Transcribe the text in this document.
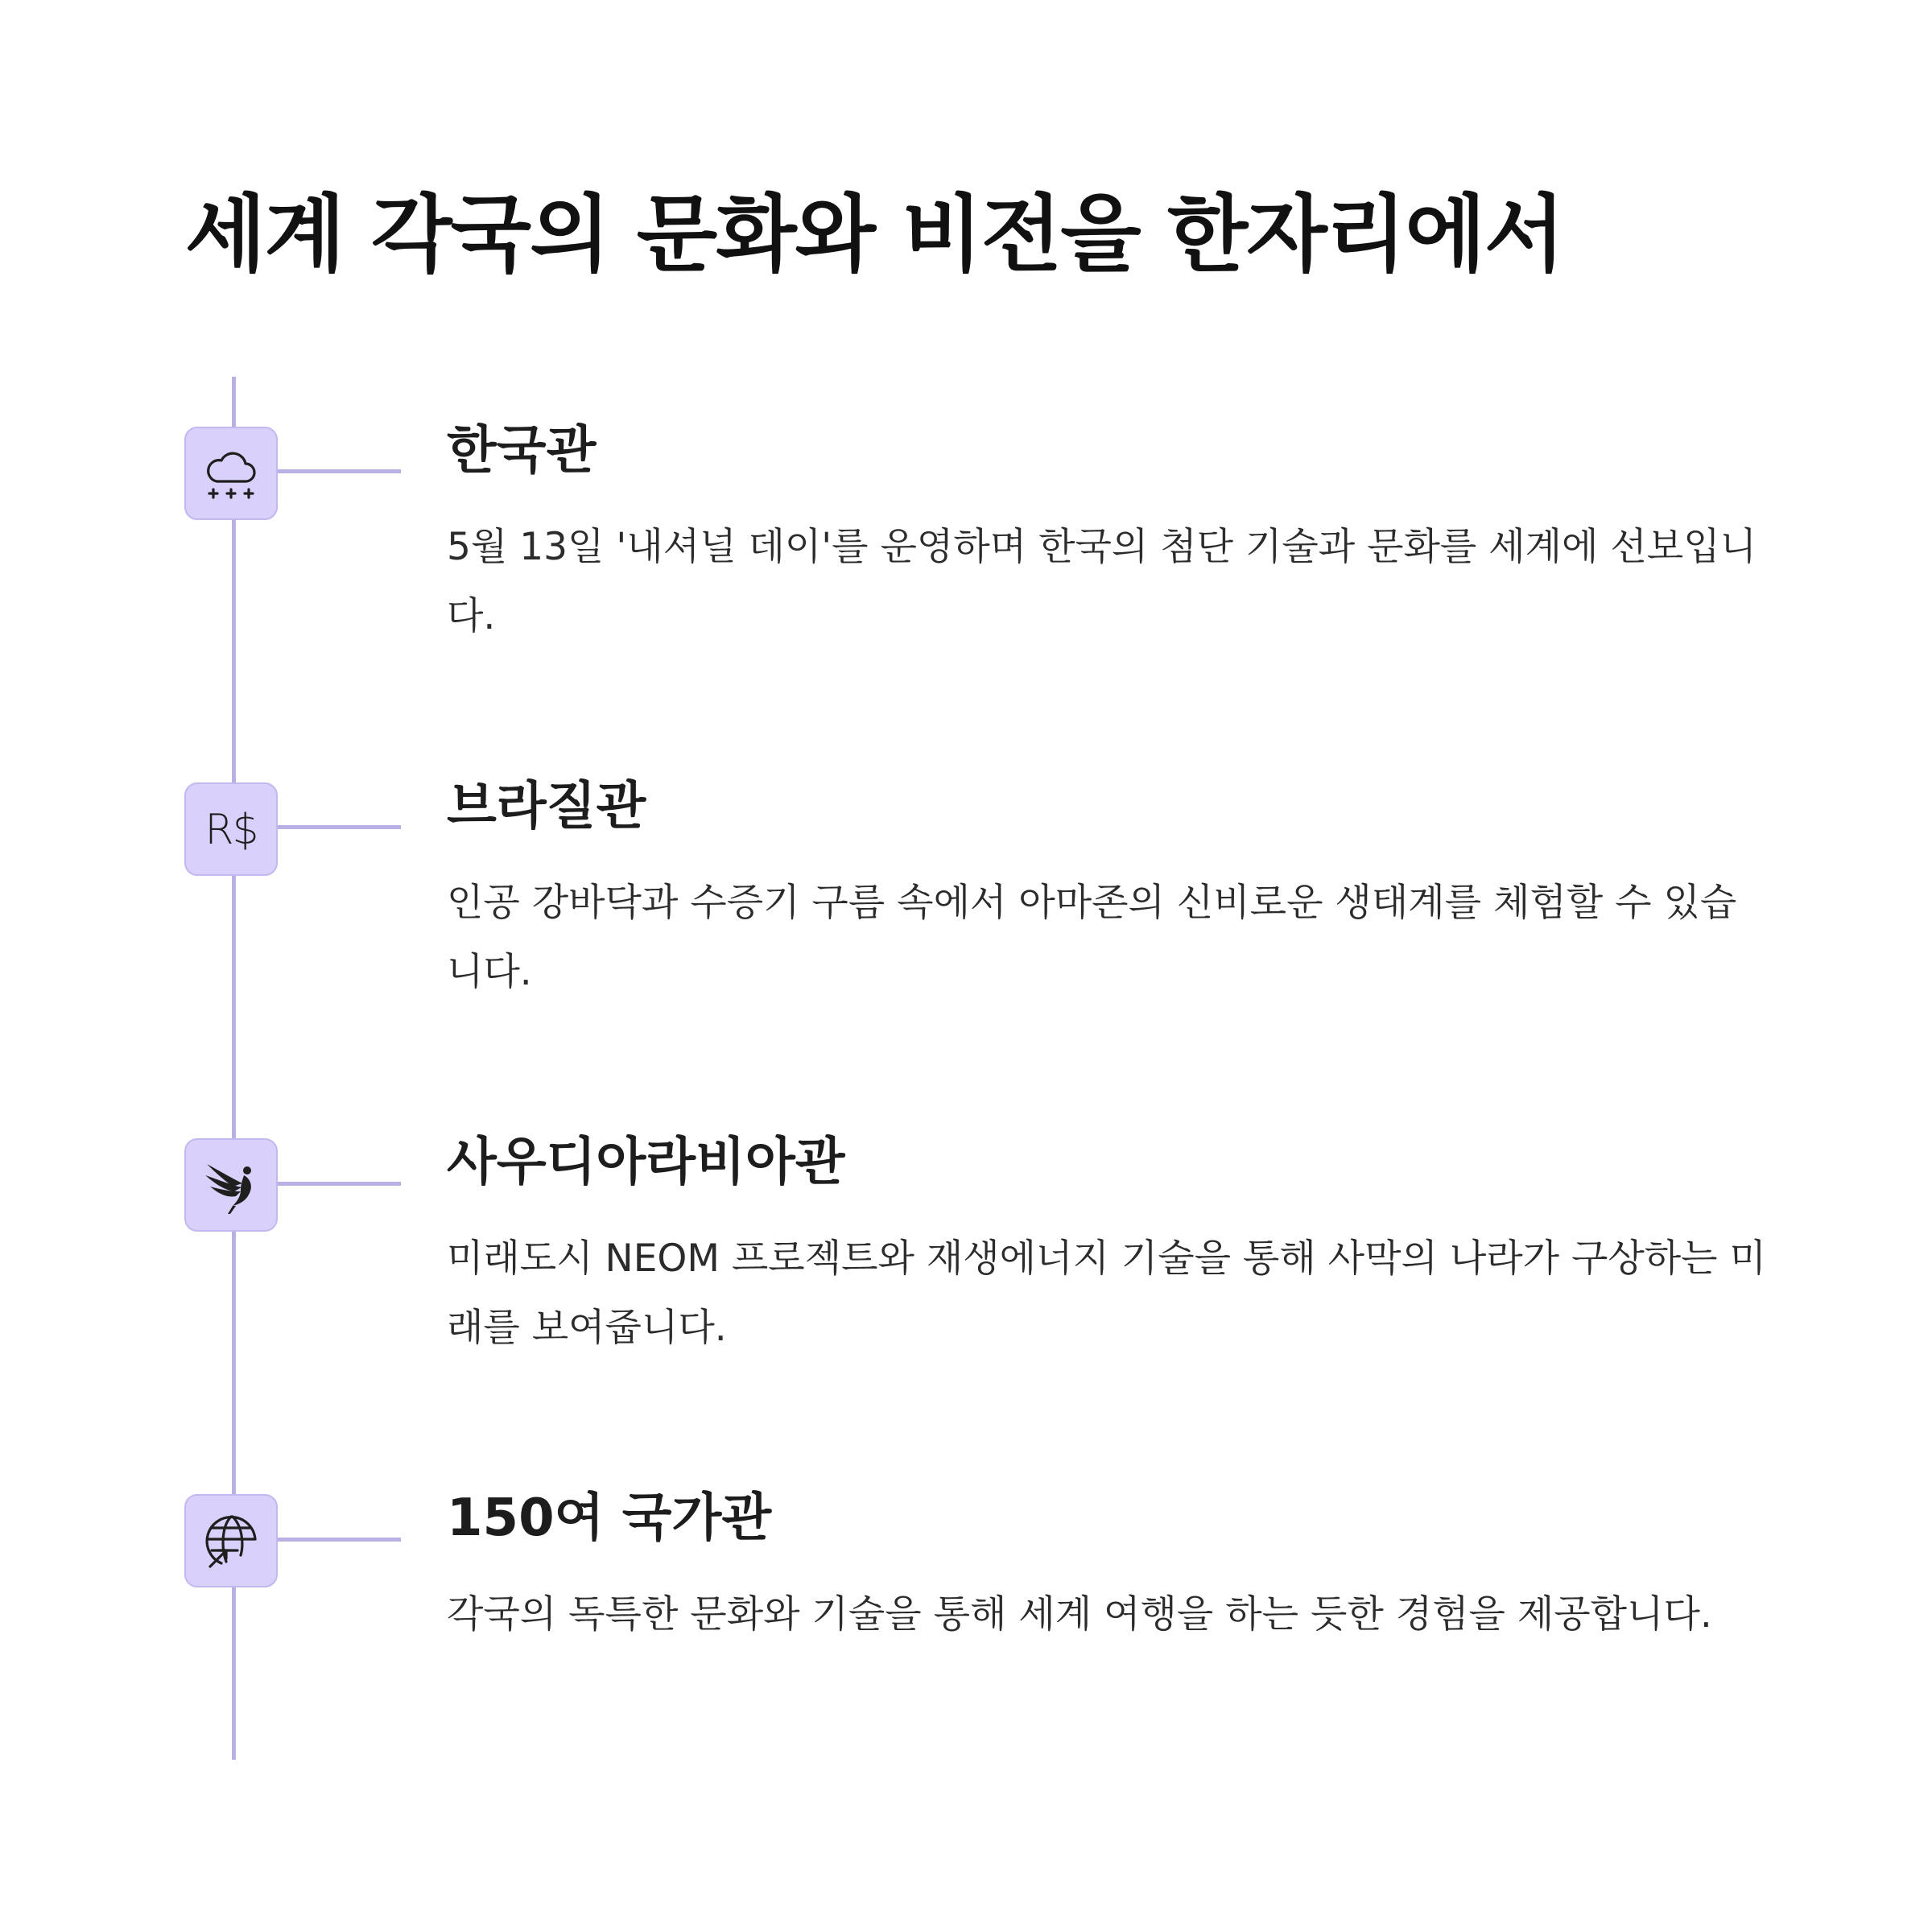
세계 각국의 문화와 비전을 한자리에서
한국관
5월 13일 '내셔널 데이'를 운영하며 한국의 첨단 기술과 문화를 세계에 선보입니다.
R$	브라질관
인공 강바닥과 수증기 구름 속에서 아마존의 신비로운 생태계를 체험할 수 있습니다.
사우디아라비아관
미래도시 NEOM 프로젝트와 재생에너지 기술을 통해 사막의 나라가 구상하는 미래를 보여줍니다.
150여 국가관
각국의 독특한 문화와 기술을 통해 세계 여행을 하는 듯한 경험을 제공합니다.
